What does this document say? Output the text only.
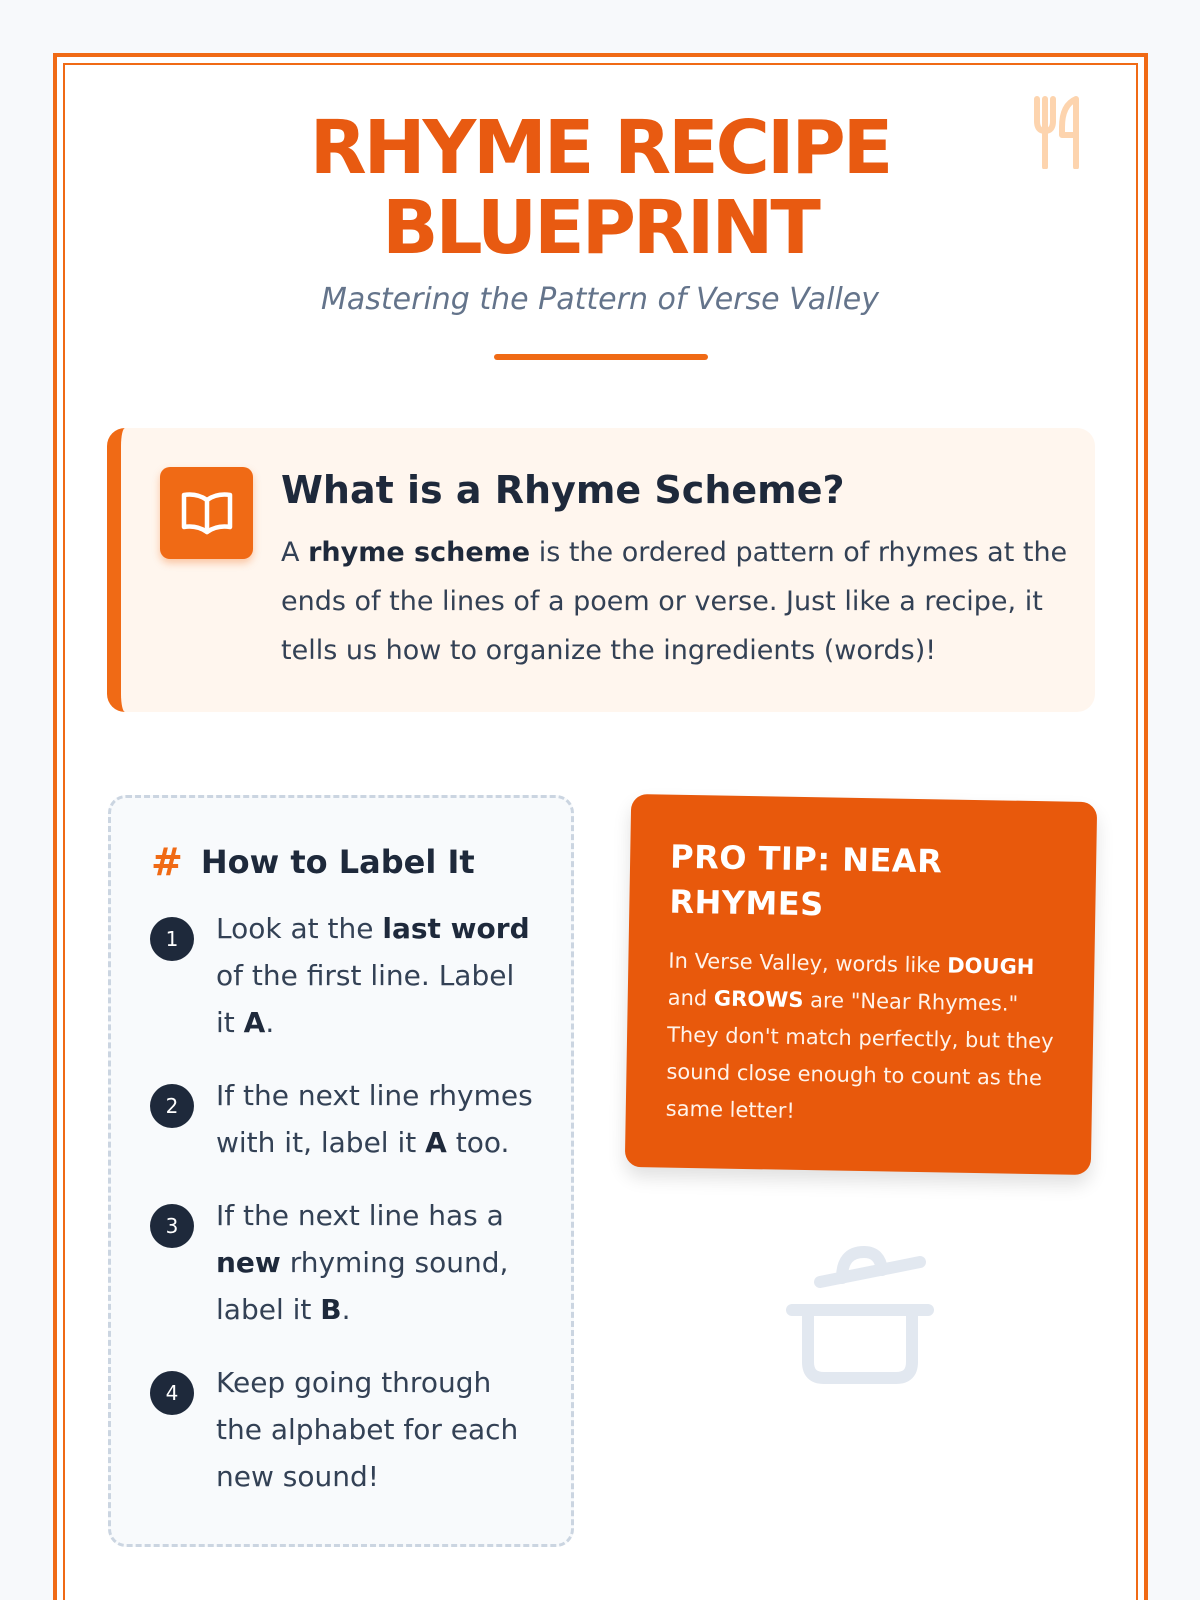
RHYME RECIPE
BLUEPRINT
Mastering the Pattern of Verse Valley
What is a Rhyme Scheme?

A rhyme scheme is the ordered pattern of rhymes at the ends of the lines of a poem or verse. Just like a recipe, it tells us how to organize the ingredients (words)!

# How to Label It
1	Look at the last word of the first line. Label it A.
2	If the next line rhymes with it, label it A too.
3	If the next line has a new rhyming sound, label it B.
4	Keep going through the alphabet for each new sound!
PRO TIP: NEAR RHYMES

In Verse Valley, words like DOUGH and GROWS are "Near Rhymes." They don't match perfectly, but they sound close enough to count as the same letter!
